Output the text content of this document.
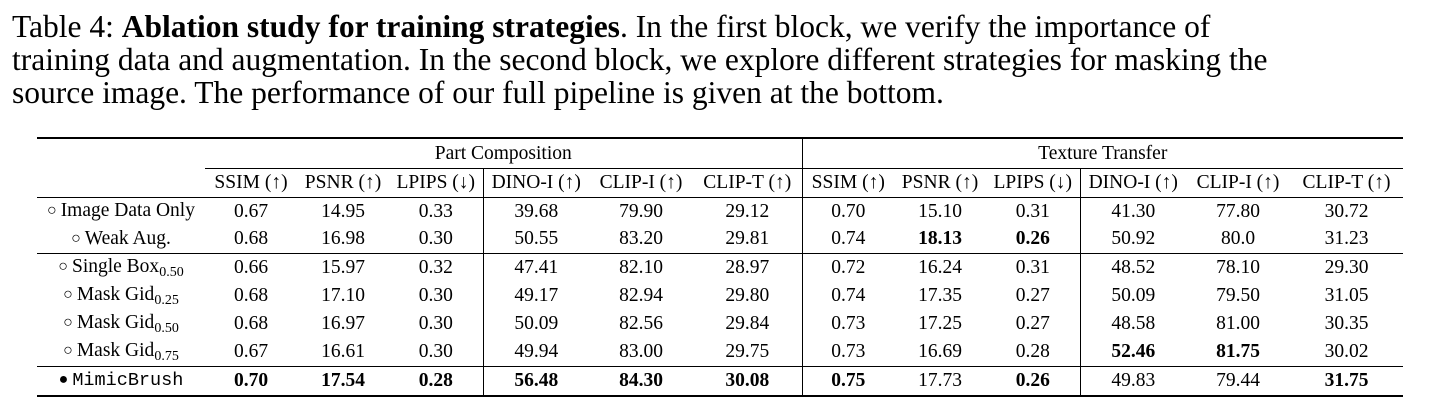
Table 4: Ablation study for training strategies. In the first block, we verify the importance of
training data and augmentation. In the second block, we explore different strategies for masking the
source image. The performance of our full pipeline is given at the bottom.
	Part Composition						Texture Transfer					
	SSIM (↑)	PSNR (↑)	LPIPS (↓)	DINO-I (↑)	CLIP-I (↑)	CLIP-T (↑)	SSIM (↑)	PSNR (↑)	LPIPS (↓)	DINO-I (↑)	CLIP-I (↑)	CLIP-T (↑)
○ Image Data Only	0.67	14.95	0.33	39.68	79.90	29.12	0.70	15.10	0.31	41.30	77.80	30.72
○ Weak Aug.	0.68	16.98	0.30	50.55	83.20	29.81	0.74	18.13	0.26	50.92	80.0	31.23
○ Single Box$_{0.50}$	0.66	15.97	0.32	47.41	82.10	28.97	0.72	16.24	0.31	48.52	78.10	29.30
○ Mask Gid$_{0.25}$	0.68	17.10	0.30	49.17	82.94	29.80	0.74	17.35	0.27	50.09	79.50	31.05
○ Mask Gid$_{0.50}$	0.68	16.97	0.30	50.09	82.56	29.84	0.73	17.25	0.27	48.58	81.00	30.35
○ Mask Gid$_{0.75}$	0.67	16.61	0.30	49.94	83.00	29.75	0.73	16.69	0.28	52.46	81.75	30.02
● MimicBrush	0.70	17.54	0.28	56.48	84.30	30.08	0.75	17.73	0.26	49.83	79.44	31.75
